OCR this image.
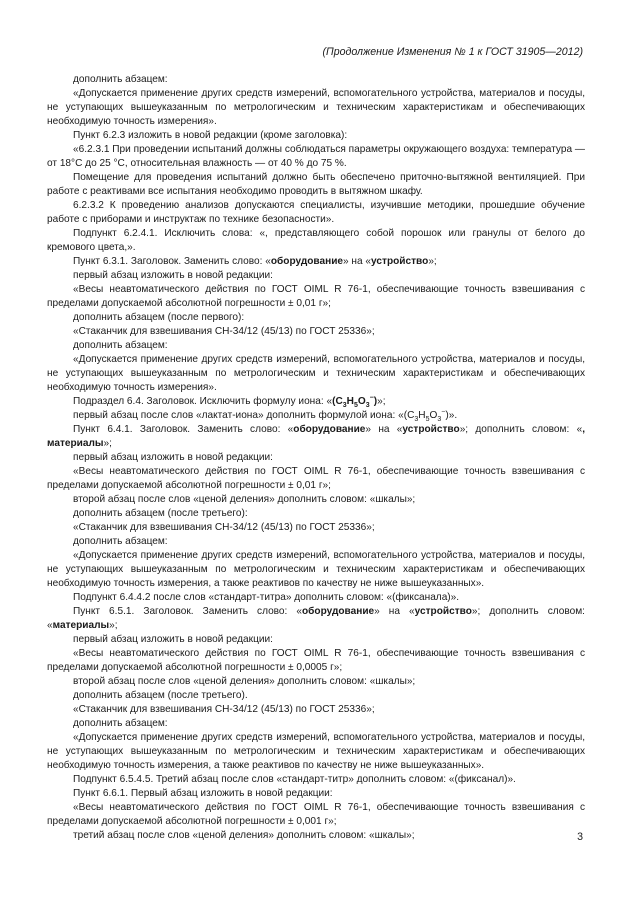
(Продолжение Изменения № 1 к ГОСТ 31905—2012)

дополнить абзацем:

«Допускается применение других средств измерений, вспомогательного устройства, материалов и посуды, не уступающих вышеуказанным по метрологическим и техническим характеристикам и обеспечивающих необходимую точность измерения».

Пункт 6.2.3 изложить в новой редакции (кроме заголовка):

«6.2.3.1 При проведении испытаний должны соблюдаться параметры окружающего воздуха: температура — от 18°С до 25 °С, относительная влажность — от 40 % до 75 %.

Помещение для проведения испытаний должно быть обеспечено приточно-вытяжной вентиляцией. При работе с реактивами все испытания необходимо проводить в вытяжном шкафу.

6.2.3.2 К проведению анализов допускаются специалисты, изучившие методики, прошедшие обучение работе с приборами и инструктаж по технике безопасности».

Подпункт 6.2.4.1. Исключить слова: «, представляющего собой порошок или гранулы от белого до кремового цвета,».

Пункт 6.3.1. Заголовок. Заменить слово: «оборудование» на «устройство»;

первый абзац изложить в новой редакции:

«Весы неавтоматического действия по ГОСТ OIML R 76-1, обеспечивающие точность взвешивания с пределами допускаемой абсолютной погрешности ± 0,01 г»;

дополнить абзацем (после первого):

«Стаканчик для взвешивания СН-34/12 (45/13) по ГОСТ 25336»;

дополнить абзацем:

«Допускается применение других средств измерений, вспомогательного устройства, материалов и посуды, не уступающих вышеуказанным по метрологическим и техническим характеристикам и обеспечивающих необходимую точность измерения».

Подраздел 6.4. Заголовок. Исключить формулу иона: «$(C_3H_5O_3^-)$»;

первый абзац после слов «лактат-иона» дополнить формулой иона: «$(C_3H_5O_3^-)$».

Пункт 6.4.1. Заголовок. Заменить слово: «оборудование» на «устройство»; дополнить словом: «, материалы»;

первый абзац изложить в новой редакции:

«Весы неавтоматического действия по ГОСТ OIML R 76-1, обеспечивающие точность взвешивания с пределами допускаемой абсолютной погрешности ± 0,01 г»;

второй абзац после слов «ценой деления» дополнить словом: «шкалы»;

дополнить абзацем (после третьего):

«Стаканчик для взвешивания СН-34/12 (45/13) по ГОСТ 25336»;

дополнить абзацем:

«Допускается применение других средств измерений, вспомогательного устройства, материалов и посуды, не уступающих вышеуказанным по метрологическим и техническим характеристикам и обеспечивающих необходимую точность измерения, а также реактивов по качеству не ниже вышеуказанных».

Подпункт 6.4.4.2 после слов «стандарт-титра» дополнить словом: «(фиксанала)».

Пункт 6.5.1. Заголовок. Заменить слово: «оборудование» на «устройство»; дополнить словом: «материалы»;

первый абзац изложить в новой редакции:

«Весы неавтоматического действия по ГОСТ OIML R 76-1, обеспечивающие точность взвешивания с пределами допускаемой абсолютной погрешности ± 0,0005 г»;

второй абзац после слов «ценой деления» дополнить словом: «шкалы»;

дополнить абзацем (после третьего).

«Стаканчик для взвешивания СН-34/12 (45/13) по ГОСТ 25336»;

дополнить абзацем:

«Допускается применение других средств измерений, вспомогательного устройства, материалов и посуды, не уступающих вышеуказанным по метрологическим и техническим характеристикам и обеспечивающих необходимую точность измерения, а также реактивов по качеству не ниже вышеуказанных».

Подпункт 6.5.4.5. Третий абзац после слов «стандарт-титр» дополнить словом: «(фиксанал)».

Пункт 6.6.1. Первый абзац изложить в новой редакции:

«Весы неавтоматического действия по ГОСТ OIML R 76-1, обеспечивающие точность взвешивания с пределами допускаемой абсолютной погрешности ± 0,001 г»;

третий абзац после слов «ценой деления» дополнить словом: «шкалы»;	3
